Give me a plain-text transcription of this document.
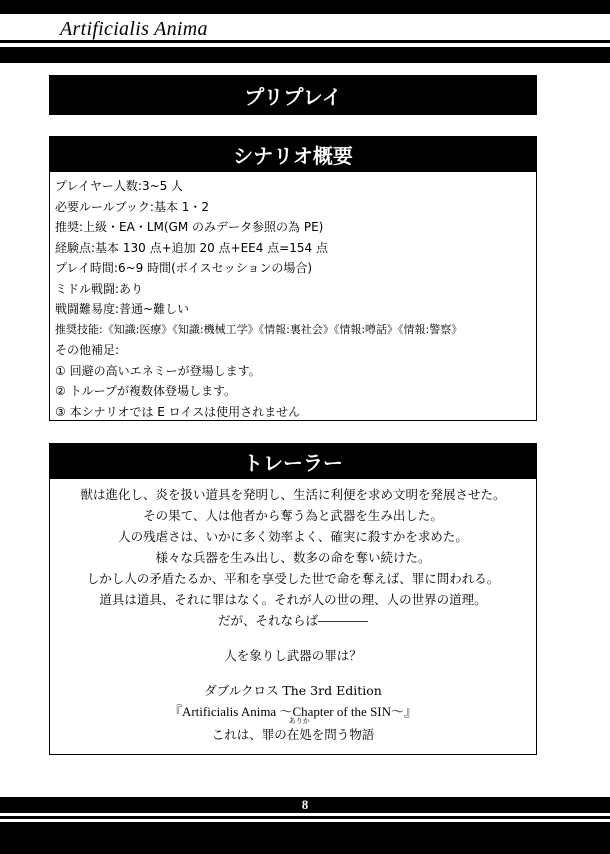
Artificialis Anima
プリプレイ
シナリオ概要
プレイヤー人数:3~5 人
必要ルールブック:基本 1・2
推奨:上級・EA・LM(GM のみデータ参照の為 PE)
経験点:基本 130 点+追加 20 点+EE4 点=154 点
プレイ時間:6~9 時間(ボイスセッションの場合)
ミドル戦闘:あり
戦闘難易度:普通~難しい
推奨技能:《知識:医療》《知識:機械工学》《情報:裏社会》《情報:噂話》《情報:警察》
その他補足:
① 回避の高いエネミーが登場します。
② トループが複数体登場します。
③ 本シナリオでは E ロイスは使用されません
トレーラー
獣は進化し、炎を扱い道具を発明し、生活に利便を求め文明を発展させた。
その果て、人は他者から奪う為と武器を生み出した。
人の残虐さは、いかに多く効率よく、確実に殺すかを求めた。
様々な兵器を生み出し、数多の命を奪い続けた。
しかし人の矛盾たるか、平和を享受した世で命を奪えば、罪に問われる。
道具は道具、それに罪はなく。それが人の世の理、人の世界の道理。
だが、それならば――――
人を象りし武器の罪は？
ダブルクロス The 3rd Edition
『Artificialis Anima 〜Chapter of the SIN〜』
これは、罪の
ありか
在処を問う物語
8
